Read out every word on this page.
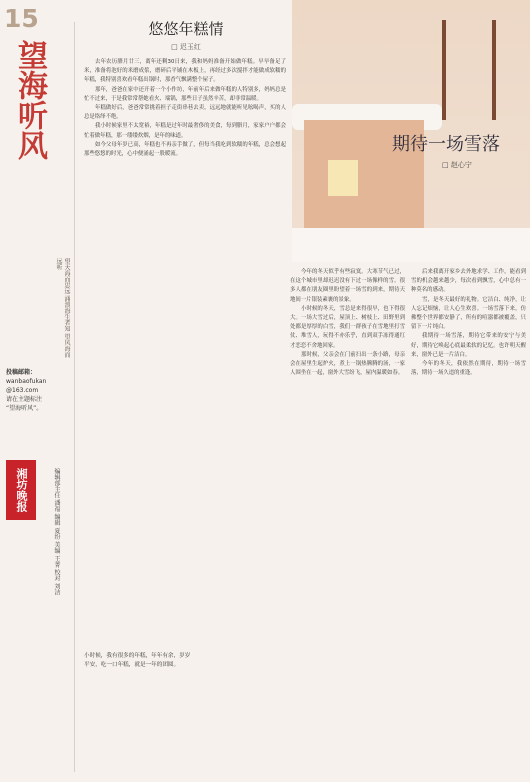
15
望海听风
望天海而思远 涌浪海生者知 望风海而远听
投稿邮箱：
wanbaofukan
@163.com
请在主题标注
“望海听风”。
湘坊晚报	编辑部主任 潘福 编辑 夏纷 美编 王菁 校对 刘洁
悠悠年糕情
□ 迟玉红

去年农历腊月廿三，离年还剩30日来，我和妈妈准备开始做年糕。早早备足了米，准备将泡好的米磨成浆，磨碎后平铺在木板上，再经过多次搅拌才能做成软糯的年糕，我特别喜欢看年糕出锅时，那香气飘满整个屋子。

那年，爸爸在家中还开着一个小作坊，年前年后来做年糕的人特别多，妈妈总是忙不过来，于是我常常帮她看火、端锅，那些日子虽然辛苦，却非常温暖。

年糕做好后，爸爸常常挑着担子走街串巷去卖，远远地就能听见吆喝声，买的人总是络绎不绝。

我小时候家里不太宽裕，年糕是过年时最奢侈的美食，每到腊月，家家户户都会忙着做年糕，那一缕缕炊烟，是年的味道。

如今父母年岁已高，年糕也不再亲手做了，但每当我吃到软糯的年糕，总会想起那些悠悠的时光，心中便涌起一股暖流。

小时候，我有很多的年糕，年年有余，岁岁平安，吃一口年糕，就是一年的团圆。
期待一场雪落
□ 赵心宁

今年的冬天似乎有些寂寞。大寒节气已过，在这个城市里却迟迟没有下过一场像样的雪。很多人都在朋友圈里盼望着一场雪的到来，期待天地间一片银装素裹的景象。

小时候的冬天，雪总是来得很早，也下得很大。一场大雪过后，屋顶上、树枝上、田野里到处都是厚厚的白雪，我们一群孩子在雪地里打雪仗、堆雪人，玩得不亦乐乎，直到双手冻得通红才恋恋不舍地回家。

那时候，父亲会在门前扫出一条小路，母亲会在屋里生起炉火，煮上一锅热腾腾的汤，一家人围坐在一起，窗外大雪纷飞，屋内温暖如春。

后来我离开家乡去外地求学、工作，能看到雪的机会越来越少，每次看到飘雪，心中总有一种莫名的感动。

雪，是冬天最好的礼物。它洁白、纯净，让人忘记烦恼，让人心生欢喜。一场雪落下来，仿佛整个世界都安静了，所有的喧嚣都被覆盖，只留下一片纯白。

我期待一场雪落，期待它带来的安宁与美好，期待它唤起心底最柔软的记忆。也许明天醒来，窗外已是一片洁白。

今年的冬天，我依然在期待，期待一场雪落，期待一场久违的重逢。
